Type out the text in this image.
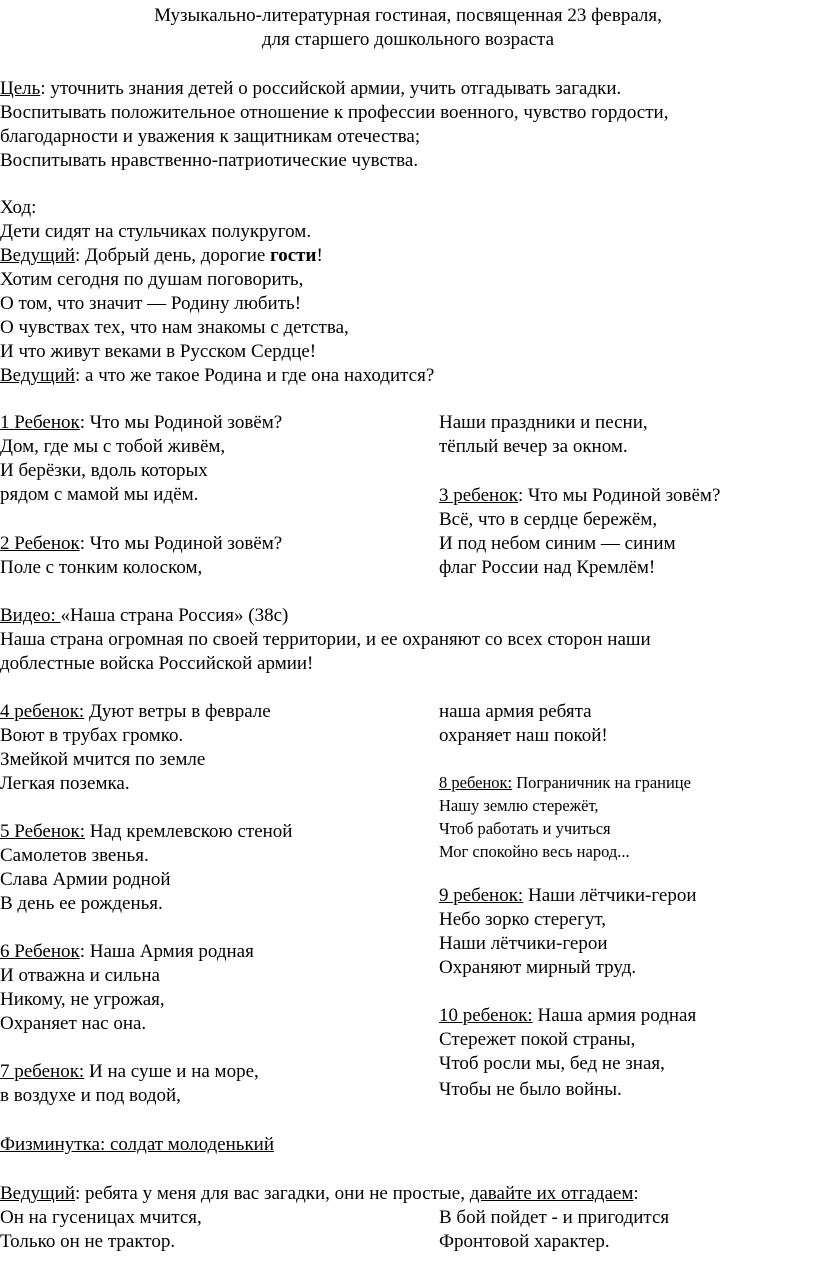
Музыкально-литературная гостиная, посвященная 23 февраля,
для старшего дошкольного возраста
Цель: уточнить знания детей о российской армии, учить отгадывать загадки.
Воспитывать положительное отношение к профессии военного, чувство гордости,
благодарности и уважения к защитникам отечества;
Воспитывать нравственно-патриотические чувства.
Ход:
Дети сидят на стульчиках полукругом.
Ведущий: Добрый день, дорогие гости!
Хотим сегодня по душам поговорить,
О том, что значит — Родину любить!
О чувствах тех, что нам знакомы с детства,
И что живут веками в Русском Сердце!
Ведущий: а что же такое Родина и где она находится?
1 Ребенок: Что мы Родиной зовём?
Дом, где мы с тобой живём,
И берёзки, вдоль которых
рядом с мамой мы идём.
2 Ребенок: Что мы Родиной зовём?
Поле с тонким колоском,
Наши праздники и песни,
тёплый вечер за окном.
3 ребенок: Что мы Родиной зовём?
Всё, что в сердце бережём,
И под небом синим — синим
флаг России над Кремлём!
Видео: «Наша страна Россия» (38с)
Наша страна огромная по своей территории, и ее охраняют со всех сторон наши
доблестные войска Российской армии!
4 ребенок: Дуют ветры в феврале
Воют в трубах громко.
Змейкой мчится по земле
Легкая поземка.
5 Ребенок: Над кремлевскою стеной
Самолетов звенья.
Слава Армии родной
В день ее рожденья.
6 Ребенок: Наша Армия родная
И отважна и сильна
Никому, не угрожая,
Охраняет нас она.
7 ребенок: И на суше и на море,
в воздухе и под водой,
наша армия ребята
охраняет наш покой!
8 ребенок: Пограничник на границе
Нашу землю стережёт,
Чтоб работать и учиться
Мог спокойно весь народ...
9 ребенок: Наши лётчики-герои
Небо зорко стерегут,
Наши лётчики-герои
Охраняют мирный труд.
10 ребенок: Наша армия родная
Стережет покой страны,
Чтоб росли мы, бед не зная,
Чтобы не было войны.
Физминутка: солдат молоденький
Ведущий: ребята у меня для вас загадки, они не простые, давайте их отгадаем:
Он на гусеницах мчится,
Только он не трактор.
В бой пойдет - и пригодится
Фронтовой характер.
